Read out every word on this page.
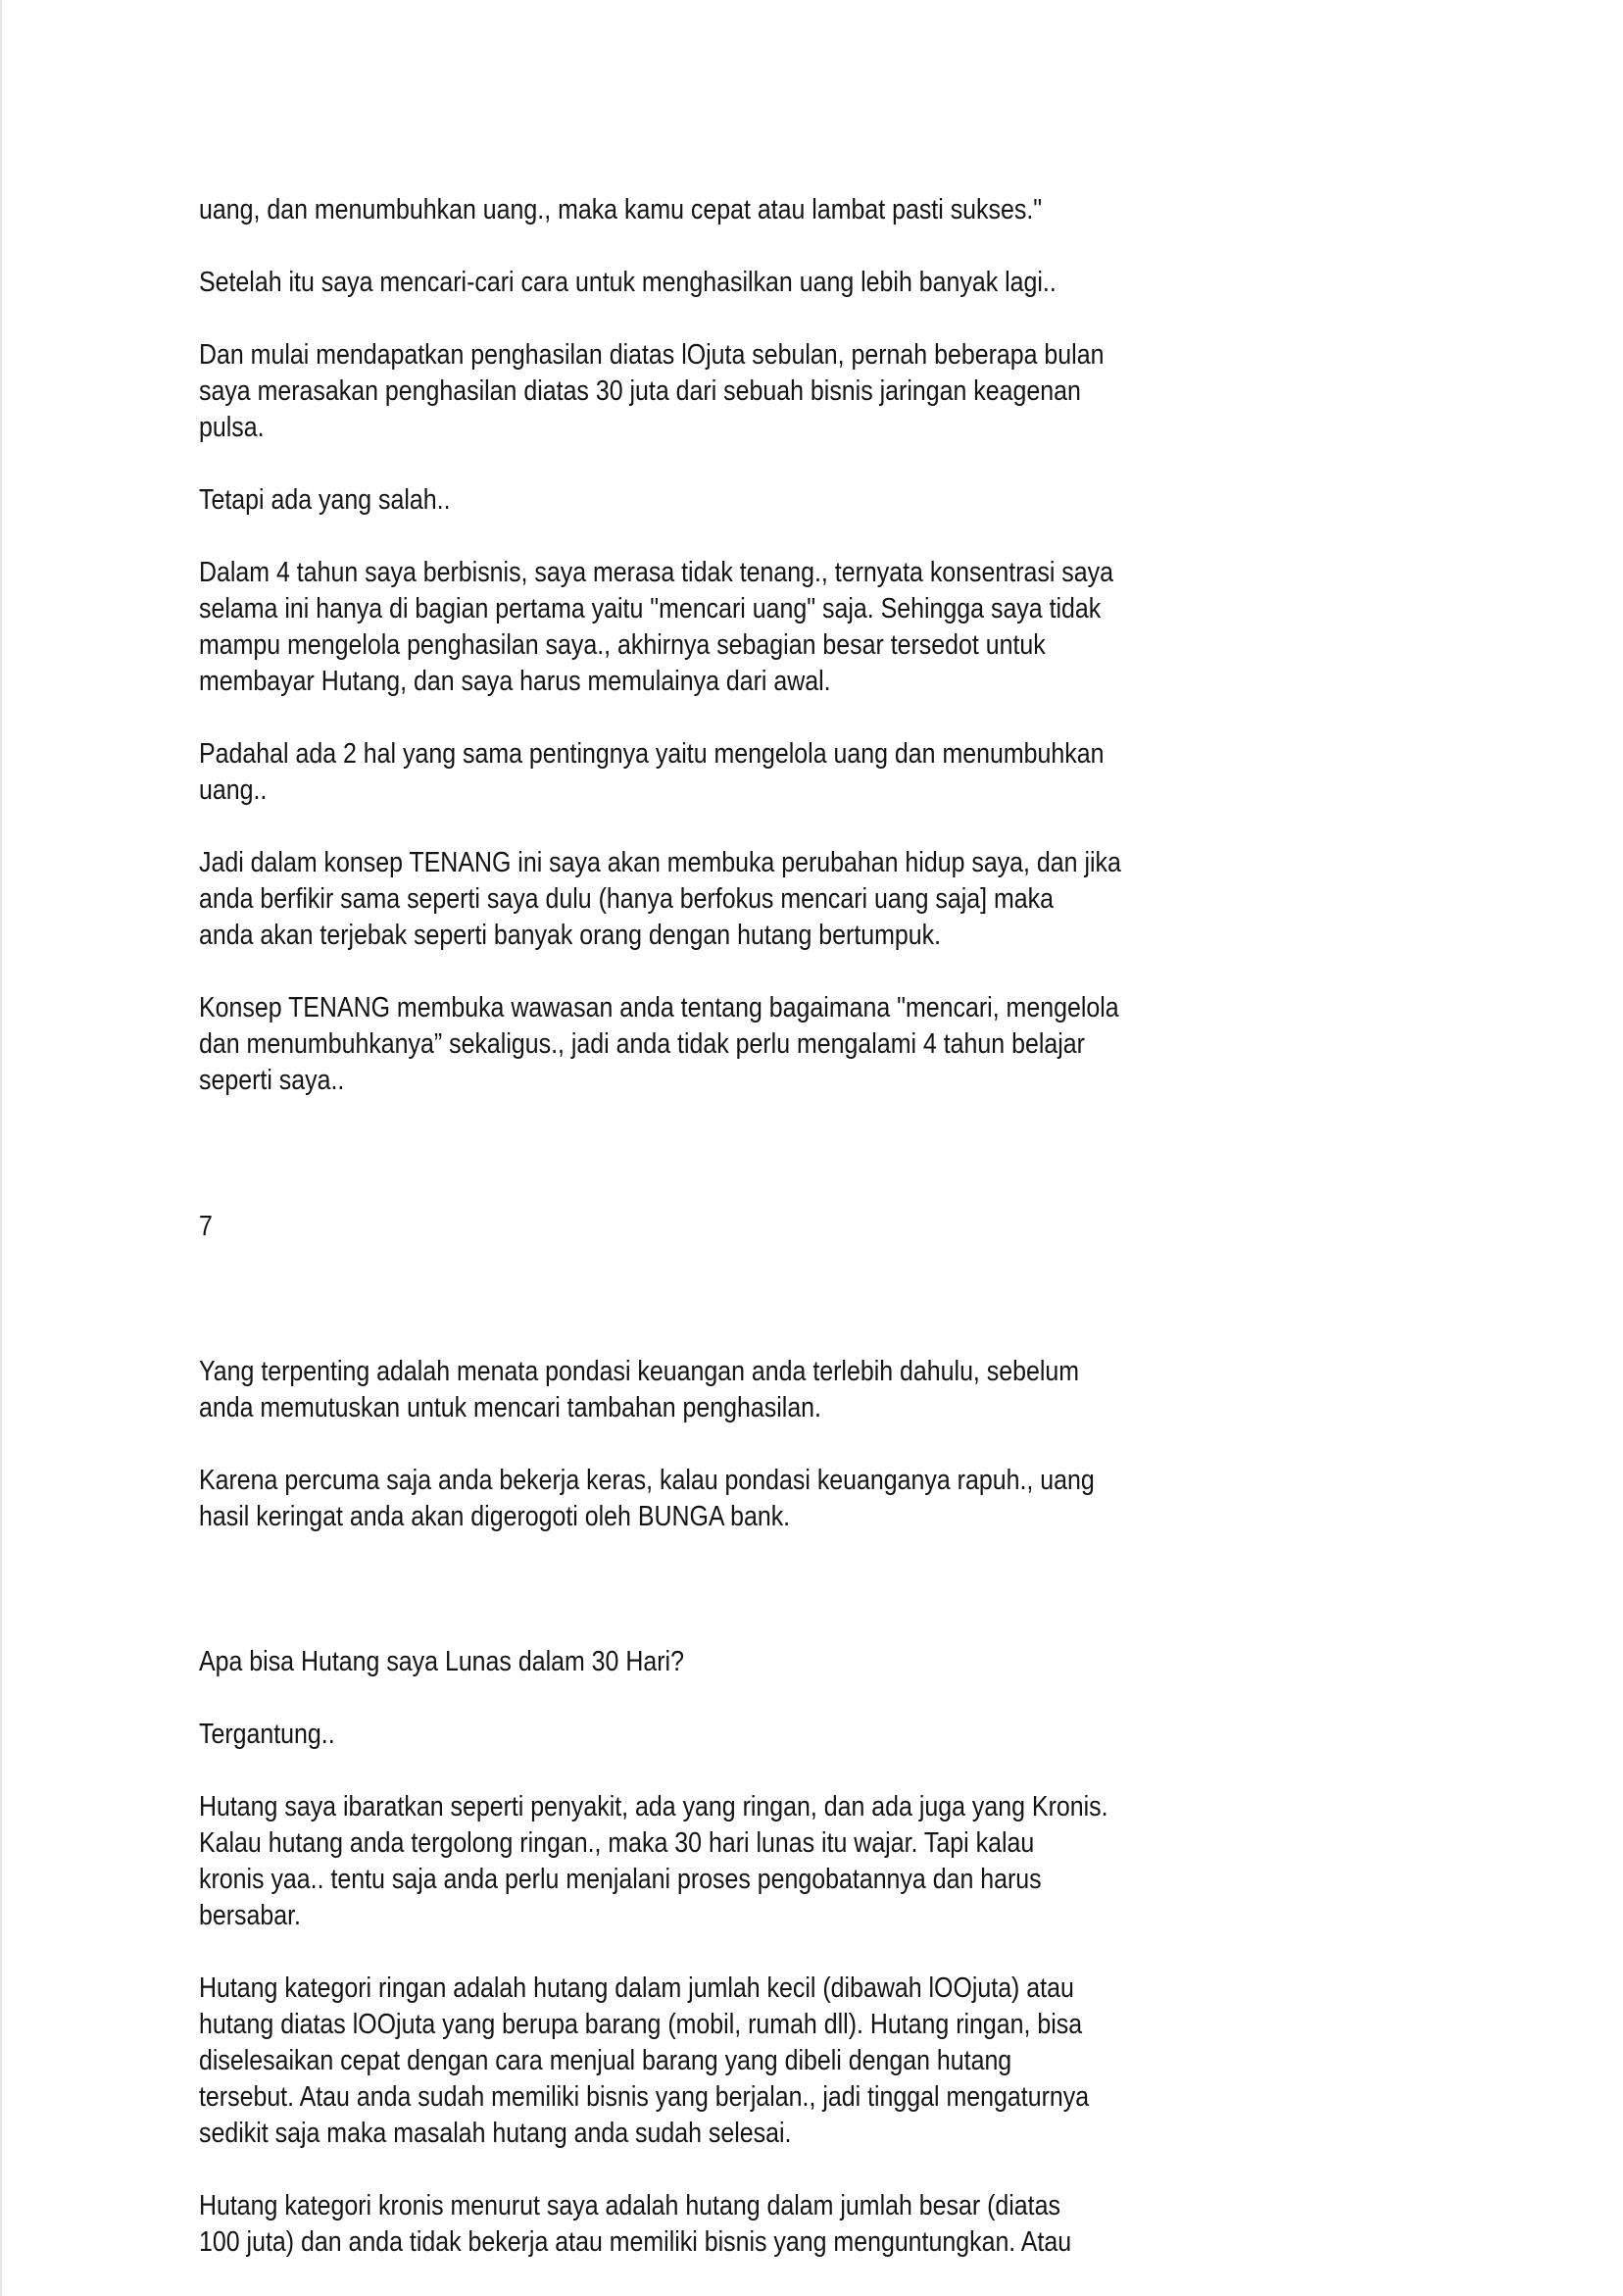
uang, dan menumbuhkan uang., maka kamu cepat atau lambat pasti sukses."

Setelah itu saya mencari-cari cara untuk menghasilkan uang lebih banyak lagi..

Dan mulai mendapatkan penghasilan diatas lOjuta sebulan, pernah beberapa bulan

saya merasakan penghasilan diatas 30 juta dari sebuah bisnis jaringan keagenan

pulsa.

Tetapi ada yang salah..

Dalam 4 tahun saya berbisnis, saya merasa tidak tenang., ternyata konsentrasi saya

selama ini hanya di bagian pertama yaitu "mencari uang" saja. Sehingga saya tidak

mampu mengelola penghasilan saya., akhirnya sebagian besar tersedot untuk

membayar Hutang, dan saya harus memulainya dari awal.

Padahal ada 2 hal yang sama pentingnya yaitu mengelola uang dan menumbuhkan

uang..

Jadi dalam konsep TENANG ini saya akan membuka perubahan hidup saya, dan jika

anda berfikir sama seperti saya dulu (hanya berfokus mencari uang saja] maka

anda akan terjebak seperti banyak orang dengan hutang bertumpuk.

Konsep TENANG membuka wawasan anda tentang bagaimana "mencari, mengelola

dan menumbuhkanya” sekaligus., jadi anda tidak perlu mengalami 4 tahun belajar

seperti saya..

7

Yang terpenting adalah menata pondasi keuangan anda terlebih dahulu, sebelum

anda memutuskan untuk mencari tambahan penghasilan.

Karena percuma saja anda bekerja keras, kalau pondasi keuanganya rapuh., uang

hasil keringat anda akan digerogoti oleh BUNGA bank.

Apa bisa Hutang saya Lunas dalam 30 Hari?

Tergantung..

Hutang saya ibaratkan seperti penyakit, ada yang ringan, dan ada juga yang Kronis.

Kalau hutang anda tergolong ringan., maka 30 hari lunas itu wajar. Tapi kalau

kronis yaa.. tentu saja anda perlu menjalani proses pengobatannya dan harus

bersabar.

Hutang kategori ringan adalah hutang dalam jumlah kecil (dibawah lOOjuta) atau

hutang diatas lOOjuta yang berupa barang (mobil, rumah dll). Hutang ringan, bisa

diselesaikan cepat dengan cara menjual barang yang dibeli dengan hutang

tersebut. Atau anda sudah memiliki bisnis yang berjalan., jadi tinggal mengaturnya

sedikit saja maka masalah hutang anda sudah selesai.

Hutang kategori kronis menurut saya adalah hutang dalam jumlah besar (diatas

100 juta) dan anda tidak bekerja atau memiliki bisnis yang menguntungkan. Atau
